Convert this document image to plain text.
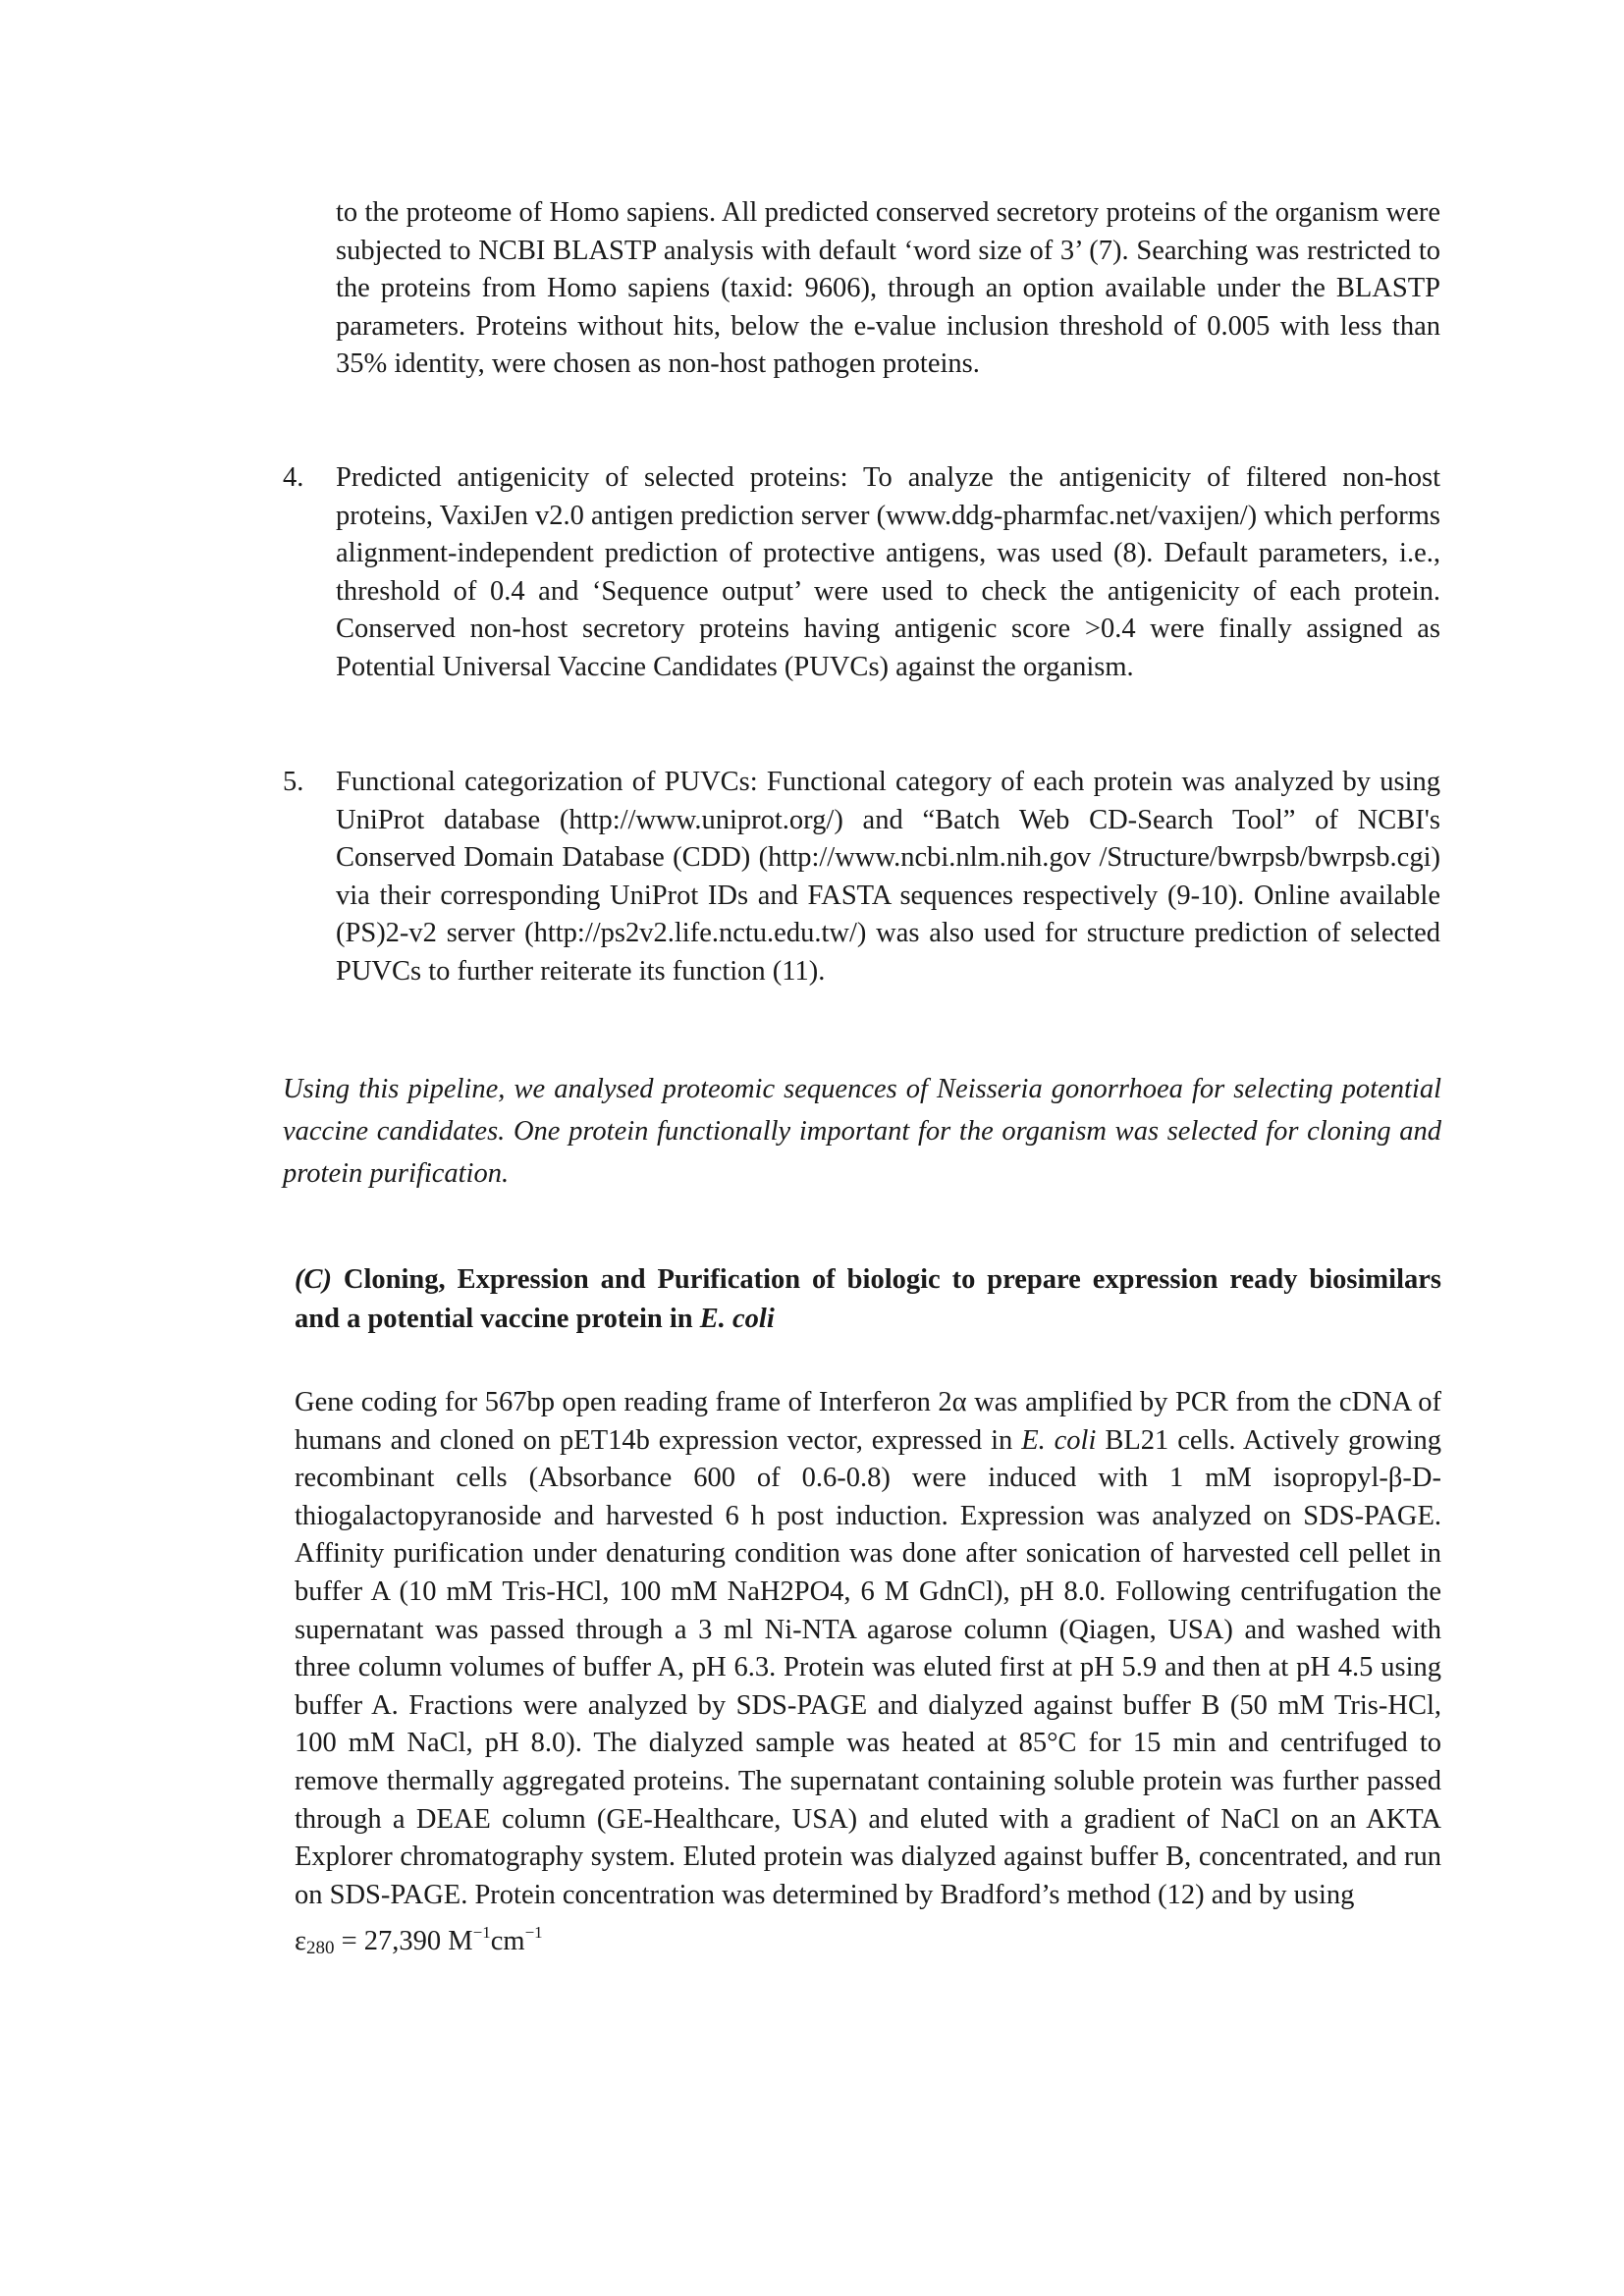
to the proteome of Homo sapiens. All predicted conserved secretory proteins of the organism were subjected to NCBI BLASTP analysis with default ‘word size of 3’ (7). Searching was restricted to the proteins from Homo sapiens (taxid: 9606), through an option available under the BLASTP parameters. Proteins without hits, below the e-value inclusion threshold of 0.005 with less than 35% identity, were chosen as non-host pathogen proteins.

4.	Predicted antigenicity of selected proteins: To analyze the antigenicity of filtered non-host proteins, VaxiJen v2.0 antigen prediction server (www.ddg-pharmfac.net/vaxijen/) which performs alignment-independent prediction of protective antigens, was used (8). Default parameters, i.e., threshold of 0.4 and ‘Sequence output’ were used to check the antigenicity of each protein. Conserved non-host secretory proteins having antigenic score >0.4 were finally assigned as Potential Universal Vaccine Candidates (PUVCs) against the organism.

5.	Functional categorization of PUVCs: Functional category of each protein was analyzed by using UniProt database (http://www.uniprot.org/) and “Batch Web CD-Search Tool” of NCBI's Conserved Domain Database (CDD) (http://www.ncbi.nlm.nih.gov /Structure/bwrpsb/bwrpsb.cgi) via their corresponding UniProt IDs and FASTA sequences respectively (9-10). Online available (PS)2-v2 server (http://ps2v2.life.nctu.edu.tw/) was also used for structure prediction of selected PUVCs to further reiterate its function (11).

Using this pipeline, we analysed proteomic sequences of Neisseria gonorrhoea for selecting potential vaccine candidates. One protein functionally important for the organism was selected for cloning and protein purification.

(C) Cloning, Expression and Purification of biologic to prepare expression ready biosimilars and a potential vaccine protein in E. coli
Gene coding for 567bp open reading frame of Interferon 2α was amplified by PCR from the cDNA of humans and cloned on pET14b expression vector, expressed in E. coli BL21 cells. Actively growing recombinant cells (Absorbance 600 of 0.6-0.8) were induced with 1 mM isopropyl-β-D-thiogalactopyranoside and harvested 6 h post induction. Expression was analyzed on SDS-PAGE. Affinity purification under denaturing condition was done after sonication of harvested cell pellet in buffer A (10 mM Tris-HCl, 100 mM NaH2PO4, 6 M GdnCl), pH 8.0. Following centrifugation the supernatant was passed through a 3 ml Ni-NTA agarose column (Qiagen, USA) and washed with three column volumes of buffer A, pH 6.3. Protein was eluted first at pH 5.9 and then at pH 4.5 using buffer A. Fractions were analyzed by SDS-PAGE and dialyzed against buffer B (50 mM Tris-HCl, 100 mM NaCl, pH 8.0). The dialyzed sample was heated at 85°C for 15 min and centrifuged to remove thermally aggregated proteins. The supernatant containing soluble protein was further passed through a DEAE column (GE-Healthcare, USA) and eluted with a gradient of NaCl on an AKTA Explorer chromatography system. Eluted protein was dialyzed against buffer B, concentrated, and run on SDS-PAGE. Protein concentration was determined by Bradford’s method (12) and by using
$\varepsilon_{280} = 27,390$ $M^{-1}cm^{-1}$
